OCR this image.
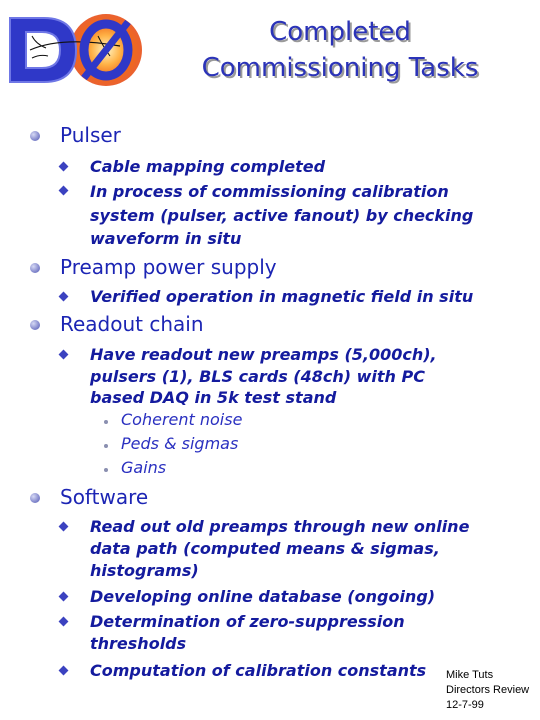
Completed
Commissioning Tasks
Pulser
Cable mapping completed
In process of commissioning calibration
system (pulser, active fanout) by checking
waveform in situ
Preamp power supply
Verified operation in magnetic field in situ
Readout chain
Have readout new preamps (5,000ch),
pulsers (1), BLS cards (48ch) with PC
based DAQ in 5k test stand
Coherent noise
Peds & sigmas
Gains
Software
Read out old preamps through new online
data path (computed means & sigmas,
histograms)
Developing online database (ongoing)
Determination of zero-suppression
thresholds
Computation of calibration constants Mike Tuts
Directors Review
12-7-99
